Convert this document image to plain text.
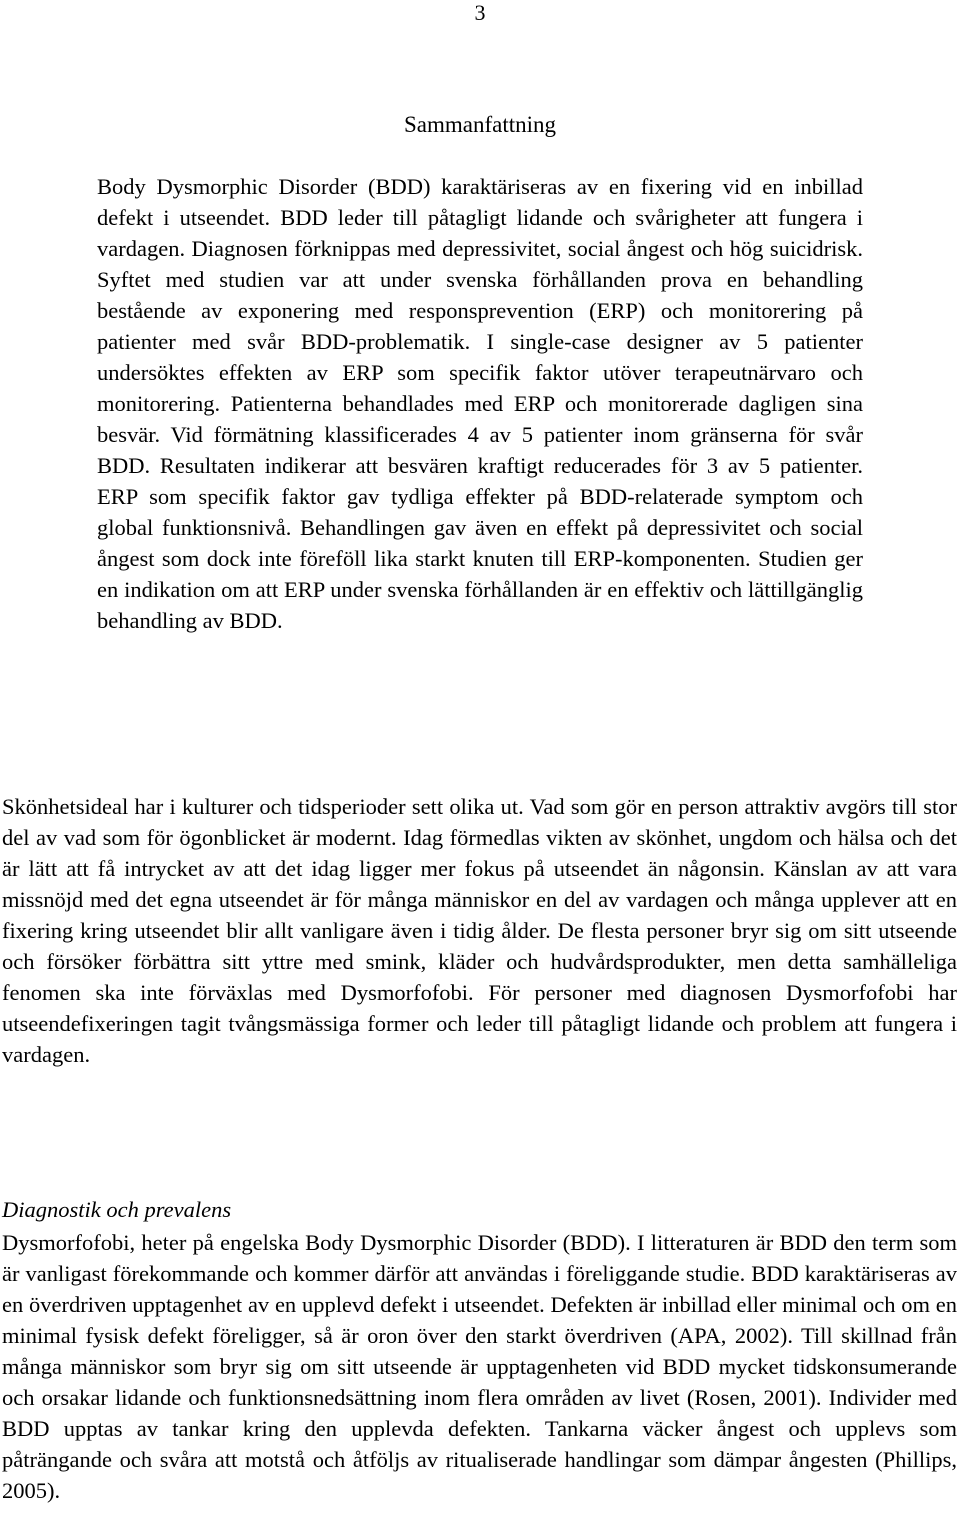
3
Sammanfattning

Body Dysmorphic Disorder (BDD) karaktäriseras av en fixering vid en inbillad defekt i utseendet. BDD leder till påtagligt lidande och svårigheter att fungera i vardagen. Diagnosen förknippas med depressivitet, social ångest och hög suicidrisk. Syftet med studien var att under svenska förhållanden prova en behandling bestående av exponering med responsprevention (ERP) och monitorering på patienter med svår BDD-problematik. I single-case designer av 5 patienter undersöktes effekten av ERP som specifik faktor utöver terapeutnärvaro och monitorering. Patienterna behandlades med ERP och monitorerade dagligen sina besvär. Vid förmätning klassificerades 4 av 5 patienter inom gränserna för svår BDD. Resultaten indikerar att besvären kraftigt reducerades för 3 av 5 patienter. ERP som specifik faktor gav tydliga effekter på BDD-relaterade symptom och global funktionsnivå. Behandlingen gav även en effekt på depressivitet och social ångest som dock inte föreföll lika starkt knuten till ERP-komponenten. Studien ger en indikation om att ERP under svenska förhållanden är en effektiv och lättillgänglig behandling av BDD.

Skönhetsideal har i kulturer och tidsperioder sett olika ut. Vad som gör en person attraktiv avgörs till stor del av vad som för ögonblicket är modernt. Idag förmedlas vikten av skönhet, ungdom och hälsa och det är lätt att få intrycket av att det idag ligger mer fokus på utseendet än någonsin. Känslan av att vara missnöjd med det egna utseendet är för många människor en del av vardagen och många upplever att en fixering kring utseendet blir allt vanligare även i tidig ålder. De flesta personer bryr sig om sitt utseende och försöker förbättra sitt yttre med smink, kläder och hudvårdsprodukter, men detta samhälleliga fenomen ska inte förväxlas med Dysmorfofobi. För personer med diagnosen Dysmorfofobi har utseendefixeringen tagit tvångsmässiga former och leder till påtagligt lidande och problem att fungera i vardagen.

Diagnostik och prevalens

Dysmorfofobi, heter på engelska Body Dysmorphic Disorder (BDD). I litteraturen är BDD den term som är vanligast förekommande och kommer därför att användas i föreliggande studie. BDD karaktäriseras av en överdriven upptagenhet av en upplevd defekt i utseendet. Defekten är inbillad eller minimal och om en minimal fysisk defekt föreligger, så är oron över den starkt överdriven (APA, 2002). Till skillnad från många människor som bryr sig om sitt utseende är upptagenheten vid BDD mycket tidskonsumerande och orsakar lidande och funktionsnedsättning inom flera områden av livet (Rosen, 2001). Individer med BDD upptas av tankar kring den upplevda defekten. Tankarna väcker ångest och upplevs som påträngande och svåra att motstå och åtföljs av ritualiserade handlingar som dämpar ångesten (Phillips, 2005).
